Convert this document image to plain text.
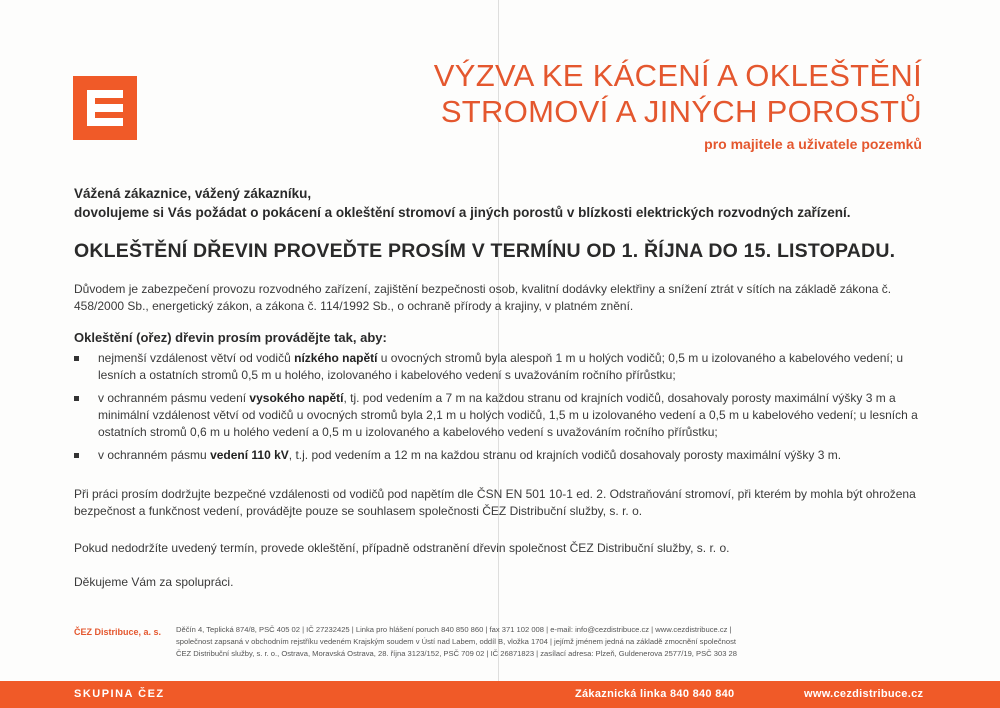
VÝZVA KE KÁCENÍ A OKLEŠTĚNÍ
STROMOVÍ A JINÝCH POROSTŮ
pro majitele a uživatele pozemků
Vážená zákaznice, vážený zákazníku,
dovolujeme si Vás požádat o pokácení a okleštění stromoví a jiných porostů v blízkosti elektrických rozvodných zařízení.
OKLEŠTĚNÍ DŘEVIN PROVEĎTE PROSÍM V TERMÍNU OD 1. ŘÍJNA DO 15. LISTOPADU.
Důvodem je zabezpečení provozu rozvodného zařízení, zajištění bezpečnosti osob, kvalitní dodávky elektřiny a snížení ztrát v sítích na základě zákona č. 458/2000 Sb., energetický zákon, a zákona č. 114/1992 Sb., o ochraně přírody a krajiny, v platném znění.
Okleštění (ořez) dřevin prosím provádějte tak, aby:
nejmenší vzdálenost větví od vodičů nízkého napětí u ovocných stromů byla alespoň 1 m u holých vodičů; 0,5 m u izolovaného a kabelového vedení; u lesních a ostatních stromů 0,5 m u holého, izolovaného i kabelového vedení s uvažováním ročního přírůstku;
v ochranném pásmu vedení vysokého napětí, tj. pod vedením a 7 m na každou stranu od krajních vodičů, dosahovaly porosty maximální výšky 3 m a minimální vzdálenost větví od vodičů u ovocných stromů byla 2,1 m u holých vodičů, 1,5 m u izolovaného vedení a 0,5 m u kabelového vedení; u lesních a ostatních stromů 0,6 m u holého vedení a 0,5 m u izolovaného a kabelového vedení s uvažováním ročního přírůstku;
v ochranném pásmu vedení 110 kV, t.j. pod vedením a 12 m na každou stranu od krajních vodičů dosahovaly porosty maximální výšky 3 m.
Při práci prosím dodržujte bezpečné vzdálenosti od vodičů pod napětím dle ČSN EN 501 10-1 ed. 2. Odstraňování stromoví, při kterém by mohla být ohrožena bezpečnost a funkčnost vedení, provádějte pouze se souhlasem společnosti ČEZ Distribuční služby, s. r. o.
Pokud nedodržíte uvedený termín, provede okleštění, případně odstranění dřevin společnost ČEZ Distribuční služby, s. r. o.
Děkujeme Vám za spolupráci.
ČEZ Distribuce, a. s. Děčín 4, Teplická 874/8, PSČ 405 02 | IČ 27232425 | Linka pro hlášení poruch 840 850 860 | fax 371 102 008 | e-mail: info@cezdistribuce.cz | www.cezdistribuce.cz |
společnost zapsaná v obchodním rejstříku vedeném Krajským soudem v Ústí nad Labem, oddíl B, vložka 1704 | jejímž jménem jedná na základě zmocnění společnost
ČEZ Distribuční služby, s. r. o., Ostrava, Moravská Ostrava, 28. října 3123/152, PSČ 709 02 | IČ 26871823 | zasílací adresa: Plzeň, Guldenerova 2577/19, PSČ 303 28
SKUPINA ČEZ	Zákaznická linka 840 840 840	www.cezdistribuce.cz
